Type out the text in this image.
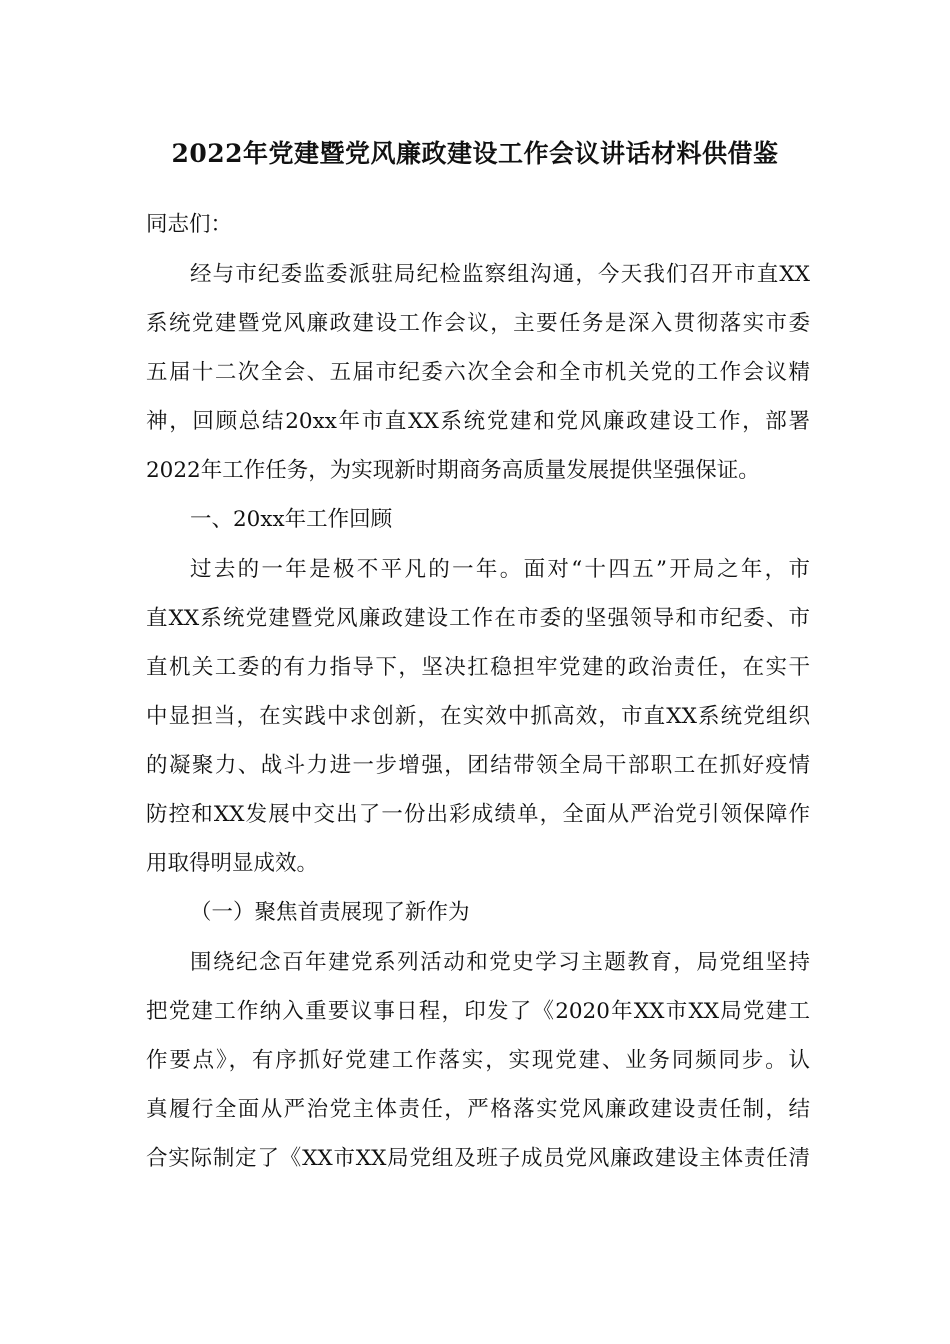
2022年党建暨党风廉政建设工作会议讲话材料供借鉴
同志们：
经与市纪委监委派驻局纪检监察组沟通，今天我们召开市直XX
系统党建暨党风廉政建设工作会议，主要任务是深入贯彻落实市委
五届十二次全会、五届市纪委六次全会和全市机关党的工作会议精
神，回顾总结20xx年市直XX系统党建和党风廉政建设工作，部署
2022年工作任务，为实现新时期商务高质量发展提供坚强保证。
一、20xx年工作回顾
过去的一年是极不平凡的一年。面对“十四五”开局之年，市
直XX系统党建暨党风廉政建设工作在市委的坚强领导和市纪委、市
直机关工委的有力指导下，坚决扛稳担牢党建的政治责任，在实干
中显担当，在实践中求创新，在实效中抓高效，市直XX系统党组织
的凝聚力、战斗力进一步增强，团结带领全局干部职工在抓好疫情
防控和XX发展中交出了一份出彩成绩单，全面从严治党引领保障作
用取得明显成效。
（一）聚焦首责展现了新作为
围绕纪念百年建党系列活动和党史学习主题教育，局党组坚持
把党建工作纳入重要议事日程，印发了《2020年XX市XX局党建工
作要点》，有序抓好党建工作落实，实现党建、业务同频同步。认
真履行全面从严治党主体责任，严格落实党风廉政建设责任制，结
合实际制定了《XX市XX局党组及班子成员党风廉政建设主体责任清
